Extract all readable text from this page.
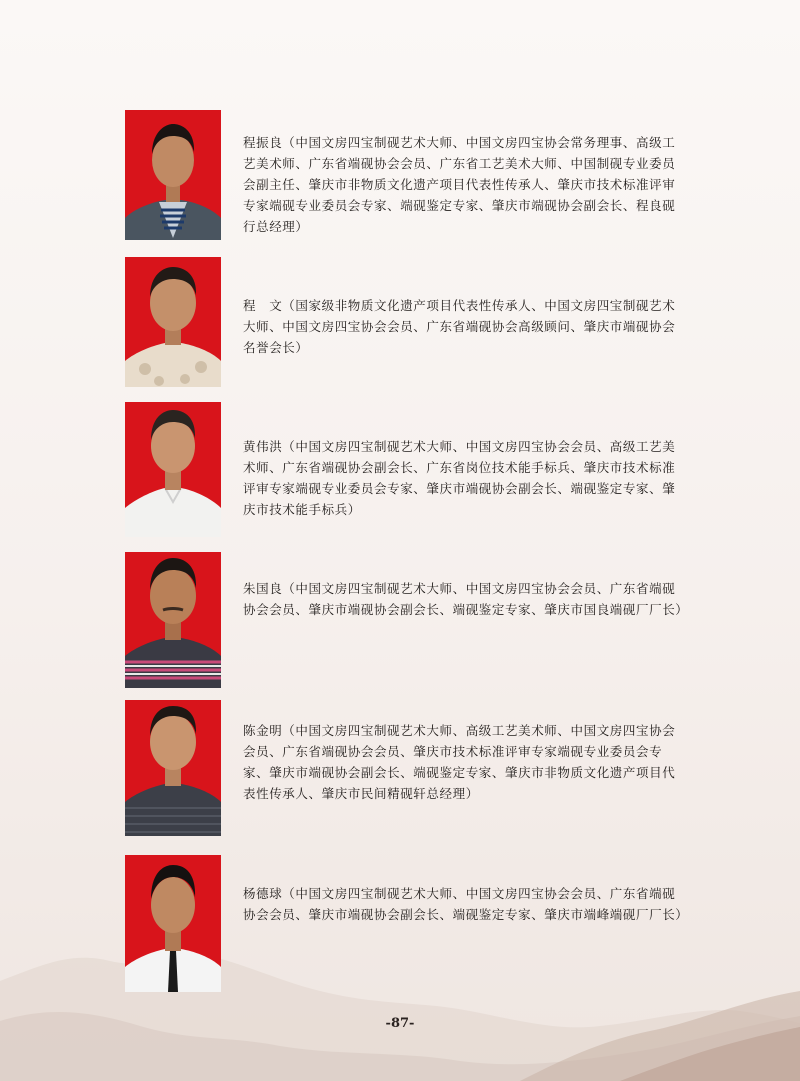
程振良（中国文房四宝制砚艺术大师、中国文房四宝协会常务理事、高级工艺美术师、广东省端砚协会会员、广东省工艺美术大师、中国制砚专业委员会副主任、肇庆市非物质文化遗产项目代表性传承人、肇庆市技术标准评审专家端砚专业委员会专家、端砚鉴定专家、肇庆市端砚协会副会长、程良砚行总经理）
程　文（国家级非物质文化遗产项目代表性传承人、中国文房四宝制砚艺术大师、中国文房四宝协会会员、广东省端砚协会高级顾问、肇庆市端砚协会名誉会长）
黄伟洪（中国文房四宝制砚艺术大师、中国文房四宝协会会员、高级工艺美术师、广东省端砚协会副会长、广东省岗位技术能手标兵、肇庆市技术标准评审专家端砚专业委员会专家、肇庆市端砚协会副会长、端砚鉴定专家、肇庆市技术能手标兵）
朱国良（中国文房四宝制砚艺术大师、中国文房四宝协会会员、广东省端砚协会会员、肇庆市端砚协会副会长、端砚鉴定专家、肇庆市国良端砚厂厂长）
陈金明（中国文房四宝制砚艺术大师、高级工艺美术师、中国文房四宝协会会员、广东省端砚协会会员、肇庆市技术标准评审专家端砚专业委员会专家、肇庆市端砚协会副会长、端砚鉴定专家、肇庆市非物质文化遗产项目代表性传承人、肇庆市民间精砚轩总经理）
杨德球（中国文房四宝制砚艺术大师、中国文房四宝协会会员、广东省端砚协会会员、肇庆市端砚协会副会长、端砚鉴定专家、肇庆市端峰端砚厂厂长）
-87-
